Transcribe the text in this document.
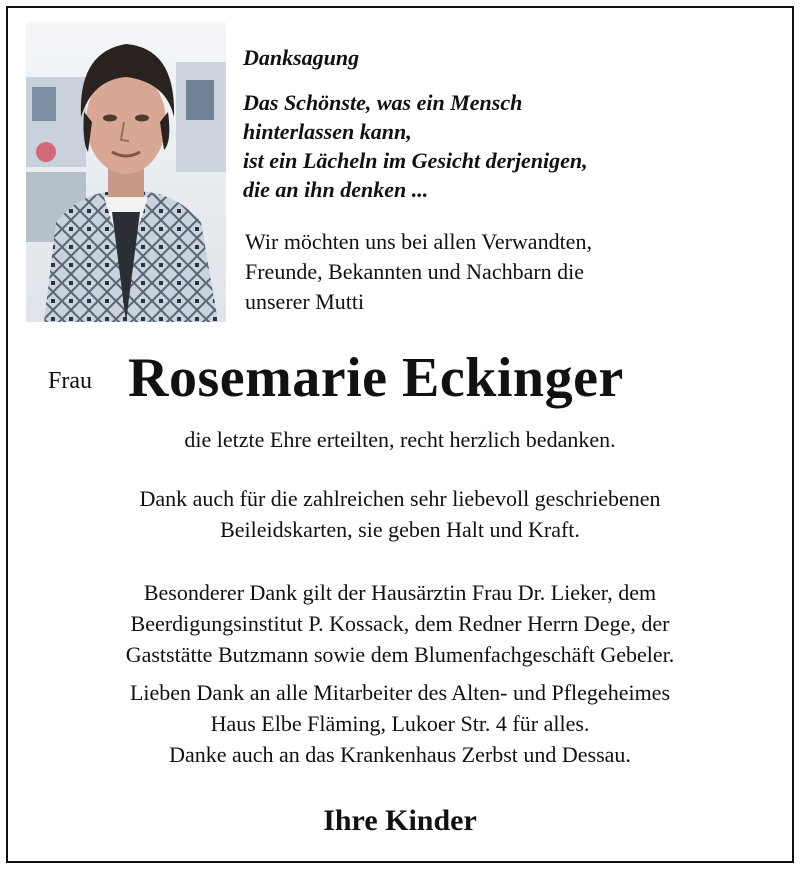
Danksagung
Das Schönste, was ein Mensch
hinterlassen kann,
ist ein Lächeln im Gesicht derjenigen,
die an ihn denken ...
Wir möchten uns bei allen Verwandten,
Freunde, Bekannten und Nachbarn die
unserer Mutti
Frau Rosemarie Eckinger
die letzte Ehre erteilten, recht herzlich bedanken.
Dank auch für die zahlreichen sehr liebevoll geschriebenen
Beileidskarten, sie geben Halt und Kraft.
Besonderer Dank gilt der Hausärztin Frau Dr. Lieker, dem
Beerdigungsinstitut P. Kossack, dem Redner Herrn Dege, der
Gaststätte Butzmann sowie dem Blumenfachgeschäft Gebeler.
Lieben Dank an alle Mitarbeiter des Alten- und Pflegeheimes
Haus Elbe Fläming, Lukoer Str. 4 für alles.
Danke auch an das Krankenhaus Zerbst und Dessau.
Ihre Kinder
